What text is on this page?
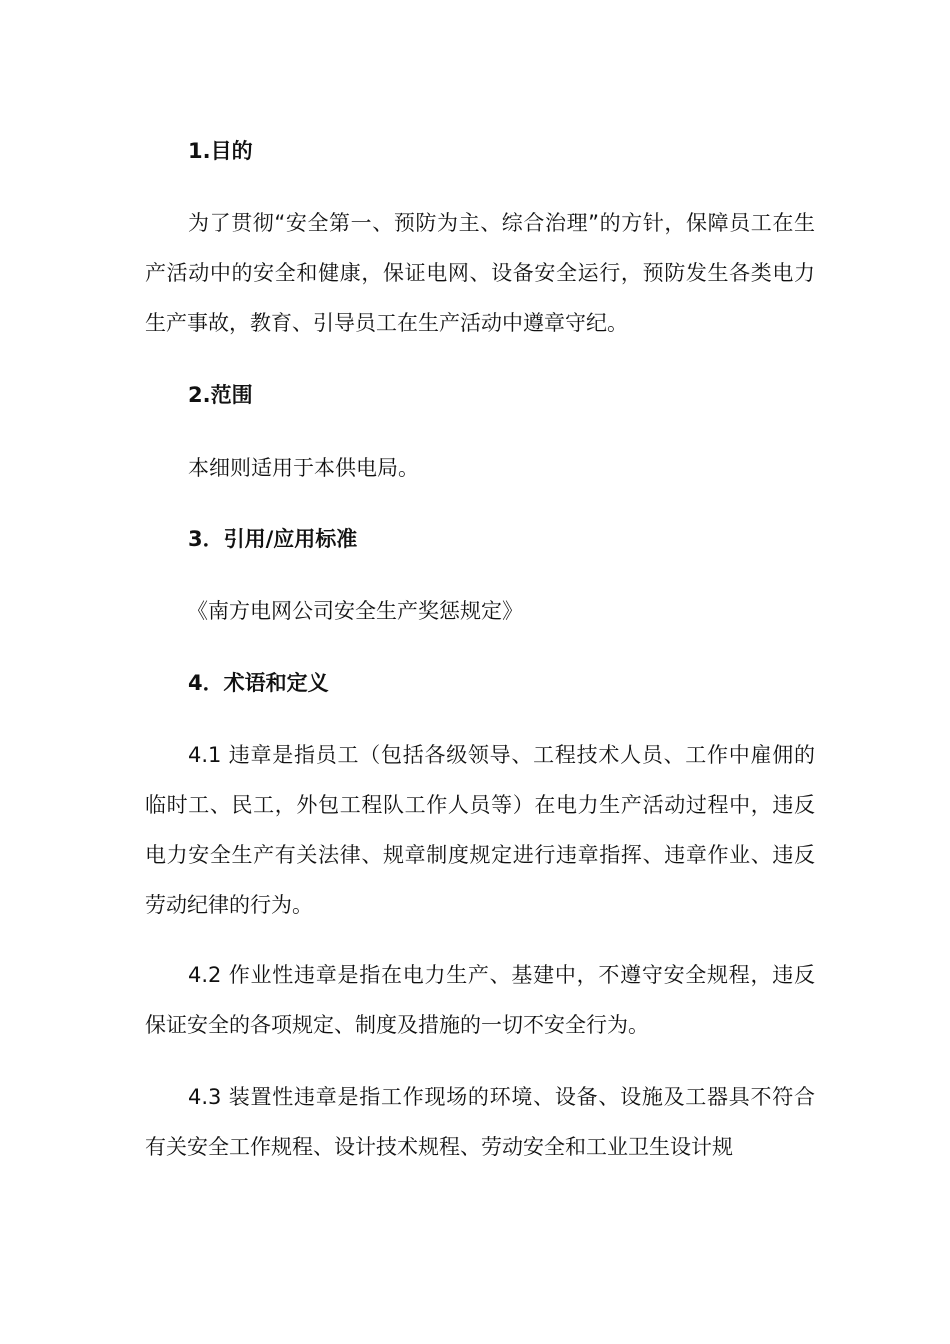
1.目的
为了贯彻“安全第一、预防为主、综合治理”的方针，保障员工在生产活动中的安全和健康，保证电网、设备安全运行，预防发生各类电力生产事故，教育、引导员工在生产活动中遵章守纪。
2.范围
本细则适用于本供电局。
3．引用/应用标准
《南方电网公司安全生产奖惩规定》
4．术语和定义
4.1 违章是指员工（包括各级领导、工程技术人员、工作中雇佣的临时工、民工，外包工程队工作人员等）在电力生产活动过程中，违反电力安全生产有关法律、规章制度规定进行违章指挥、违章作业、违反劳动纪律的行为。
4.2 作业性违章是指在电力生产、基建中，不遵守安全规程，违反保证安全的各项规定、制度及措施的一切不安全行为。
4.3 装置性违章是指工作现场的环境、设备、设施及工器具不符合有关安全工作规程、设计技术规程、劳动安全和工业卫生设计规
